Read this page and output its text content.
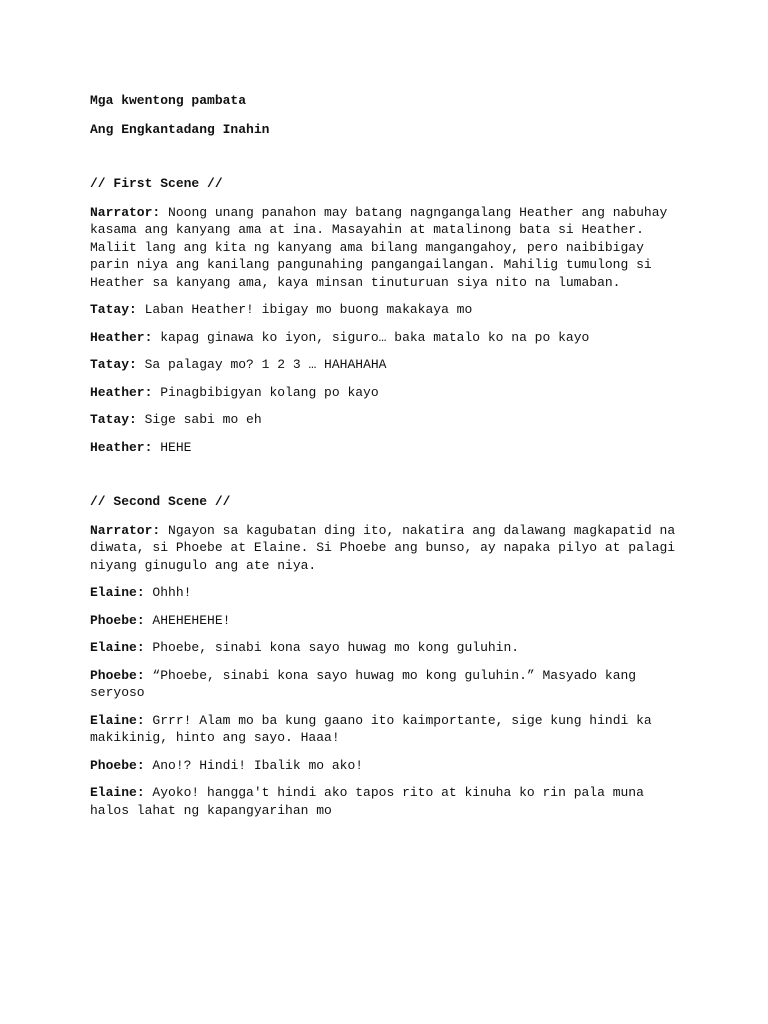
Mga kwentong pambata
Ang Engkantadang Inahin
// First Scene //
Narrator: Noong unang panahon may batang nagngangalang Heather ang nabuhay kasama ang kanyang ama at ina. Masayahin at matalinong bata si Heather. Maliit lang ang kita ng kanyang ama bilang mangangahoy, pero naibibigay parin niya ang kanilang pangunahing pangangailangan. Mahilig tumulong si Heather sa kanyang ama, kaya minsan tinuturuan siya nito na lumaban.
Tatay: Laban Heather! ibigay mo buong makakaya mo
Heather: kapag ginawa ko iyon, siguro… baka matalo ko na po kayo
Tatay: Sa palagay mo? 1 2 3 … HAHAHAHA
Heather: Pinagbibigyan kolang po kayo
Tatay: Sige sabi mo eh
Heather: HEHE
// Second Scene //
Narrator: Ngayon sa kagubatan ding ito, nakatira ang dalawang magkapatid na diwata, si Phoebe at Elaine. Si Phoebe ang bunso, ay napaka pilyo at palagi niyang ginugulo ang ate niya.
Elaine: Ohhh!
Phoebe: AHEHEHEHE!
Elaine: Phoebe, sinabi kona sayo huwag mo kong guluhin.
Phoebe: “Phoebe, sinabi kona sayo huwag mo kong guluhin.” Masyado kang seryoso
Elaine: Grrr! Alam mo ba kung gaano ito kaimportante, sige kung hindi ka makikinig, hinto ang sayo. Haaa!
Phoebe: Ano!? Hindi! Ibalik mo ako!
Elaine: Ayoko! hangga't hindi ako tapos rito at kinuha ko rin pala muna halos lahat ng kapangyarihan mo
